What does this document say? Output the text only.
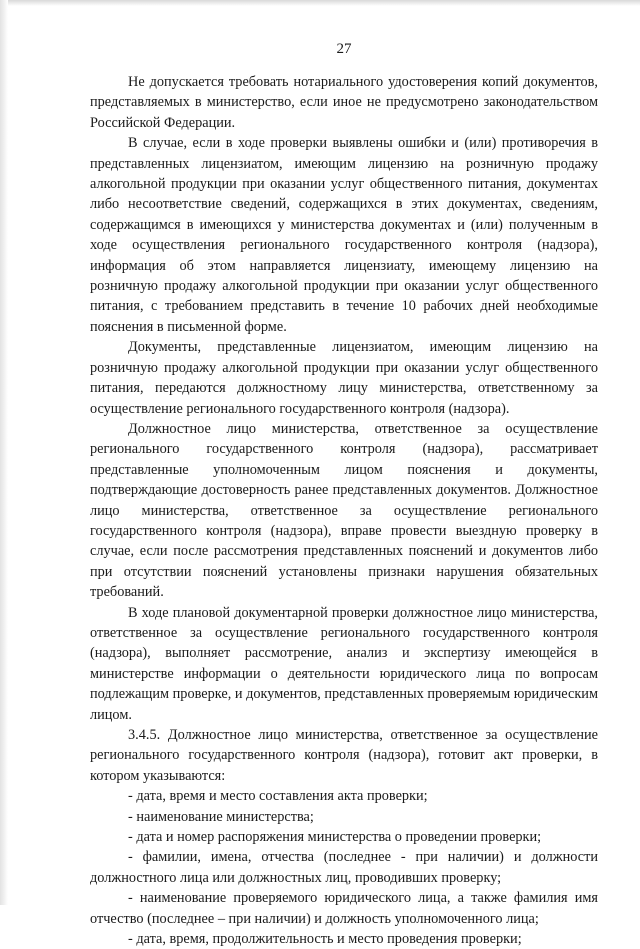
27

Не допускается требовать нотариального удостоверения копий документов, представляемых в министерство, если иное не предусмотрено законодательством Российской Федерации.

В случае, если в ходе проверки выявлены ошибки и (или) противоречия в представленных лицензиатом, имеющим лицензию на розничную продажу алкогольной продукции при оказании услуг общественного питания, документах либо несоответствие сведений, содержащихся в этих документах, сведениям, содержащимся в имеющихся у министерства документах и (или) полученным в ходе осуществления регионального государственного контроля (надзора), информация об этом направляется лицензиату, имеющему лицензию на розничную продажу алкогольной продукции при оказании услуг общественного питания, с требованием представить в течение 10 рабочих дней необходимые пояснения в письменной форме.

Документы, представленные лицензиатом, имеющим лицензию на розничную продажу алкогольной продукции при оказании услуг общественного питания, передаются должностному лицу министерства, ответственному за осуществление регионального государственного контроля (надзора).

Должностное лицо министерства, ответственное за осуществление регионального государственного контроля (надзора), рассматривает представленные уполномоченным лицом пояснения и документы, подтверждающие достоверность ранее представленных документов. Должностное лицо министерства, ответственное за осуществление регионального государственного контроля (надзора), вправе провести выездную проверку в случае, если после рассмотрения представленных пояснений и документов либо при отсутствии пояснений установлены признаки нарушения обязательных требований.

В ходе плановой документарной проверки должностное лицо министерства, ответственное за осуществление регионального государственного контроля (надзора), выполняет рассмотрение, анализ и экспертизу имеющейся в министерстве информации о деятельности юридического лица по вопросам подлежащим проверке, и документов, представленных проверяемым юридическим лицом.

3.4.5. Должностное лицо министерства, ответственное за осуществление регионального государственного контроля (надзора), готовит акт проверки, в котором указываются:

- дата, время и место составления акта проверки;

- наименование министерства;

- дата и номер распоряжения министерства о проведении проверки;

- фамилии, имена, отчества (последнее - при наличии) и должности должностного лица или должностных лиц, проводивших проверку;

- наименование проверяемого юридического лица, а также фамилия имя отчество (последнее – при наличии) и должность уполномоченного лица;

- дата, время, продолжительность и место проведения проверки;
